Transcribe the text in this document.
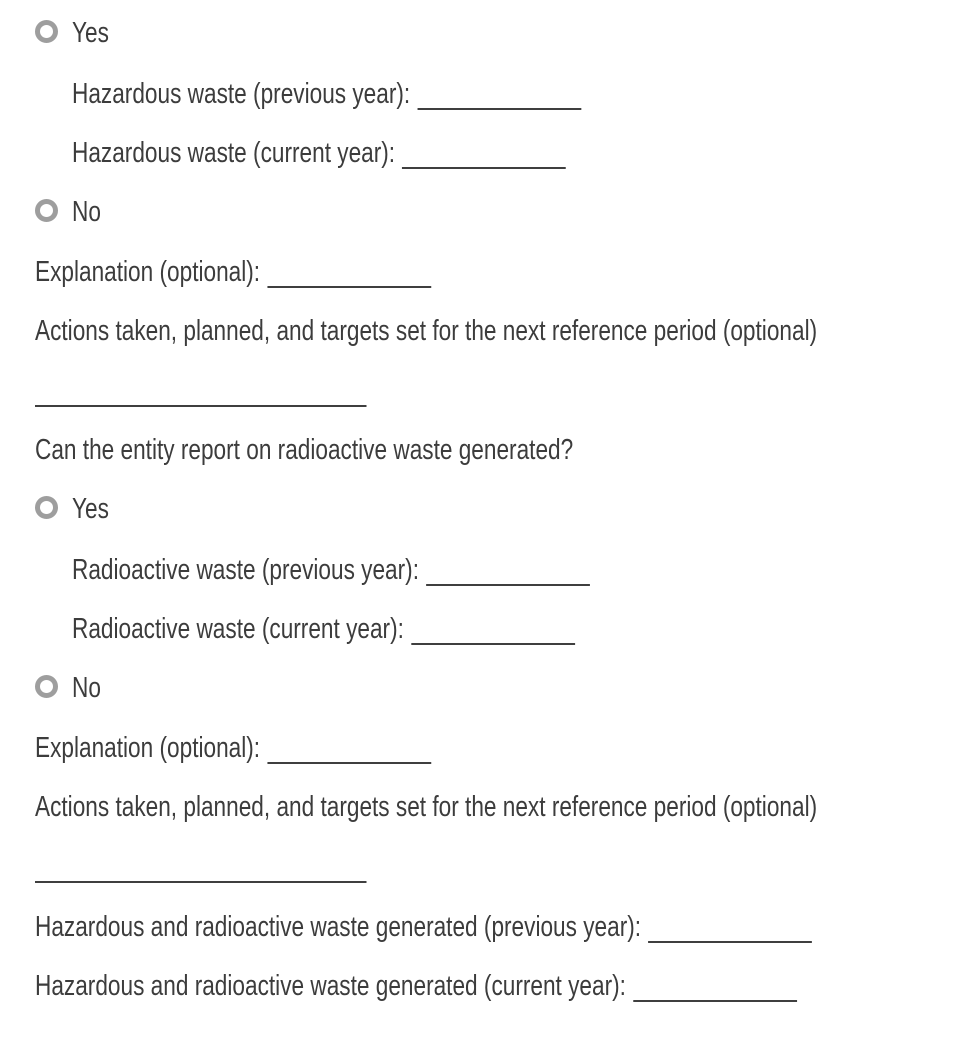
Yes
Hazardous waste (previous year):
Hazardous waste (current year):
No
Explanation (optional):
Actions taken, planned, and targets set for the next reference period (optional)
Can the entity report on radioactive waste generated?
Yes
Radioactive waste (previous year):
Radioactive waste (current year):
No
Explanation (optional):
Actions taken, planned, and targets set for the next reference period (optional)
Hazardous and radioactive waste generated (previous year):
Hazardous and radioactive waste generated (current year):
